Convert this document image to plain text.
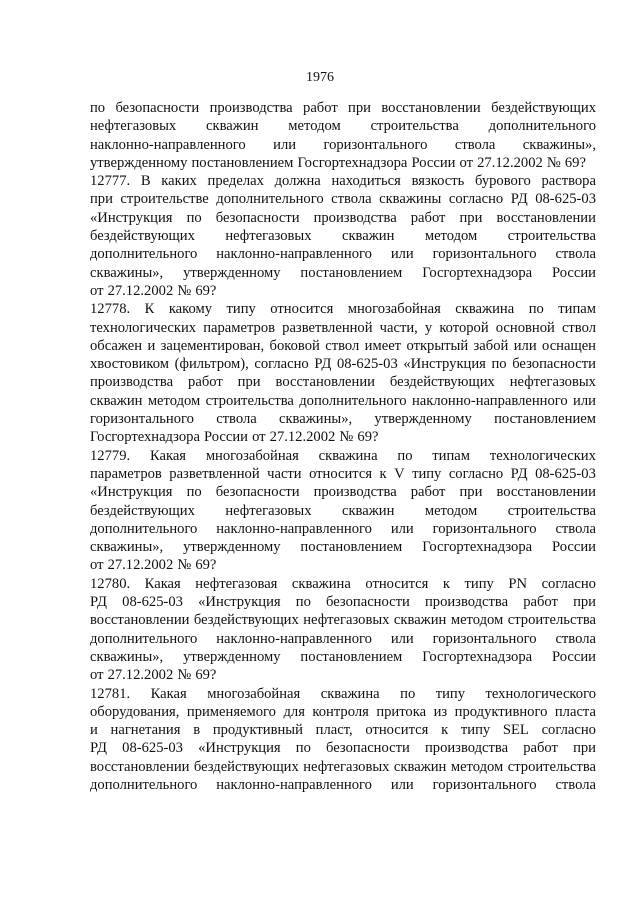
1976
по безопасности производства работ при восстановлении бездействующих
нефтегазовых скважин методом строительства дополнительного
наклонно-направленного или горизонтального ствола скважины»,
утвержденному постановлением Госгортехнадзора России от 27.12.2002 № 69?
12777. В каких пределах должна находиться вязкость бурового раствора
при строительстве дополнительного ствола скважины согласно РД 08-625-03
«Инструкция по безопасности производства работ при восстановлении
бездействующих нефтегазовых скважин методом строительства
дополнительного наклонно-направленного или горизонтального ствола
скважины», утвержденному постановлением Госгортехнадзора России
от 27.12.2002 № 69?
12778. К какому типу относится многозабойная скважина по типам
технологических параметров разветвленной части, у которой основной ствол
обсажен и зацементирован, боковой ствол имеет открытый забой или оснащен
хвостовиком (фильтром), согласно РД 08-625-03 «Инструкция по безопасности
производства работ при восстановлении бездействующих нефтегазовых
скважин методом строительства дополнительного наклонно-направленного или
горизонтального ствола скважины», утвержденному постановлением
Госгортехнадзора России от 27.12.2002 № 69?
12779. Какая многозабойная скважина по типам технологических
параметров разветвленной части относится к V типу согласно РД 08-625-03
«Инструкция по безопасности производства работ при восстановлении
бездействующих нефтегазовых скважин методом строительства
дополнительного наклонно-направленного или горизонтального ствола
скважины», утвержденному постановлением Госгортехнадзора России
от 27.12.2002 № 69?
12780. Какая нефтегазовая скважина относится к типу PN согласно
РД 08-625-03 «Инструкция по безопасности производства работ при
восстановлении бездействующих нефтегазовых скважин методом строительства
дополнительного наклонно-направленного или горизонтального ствола
скважины», утвержденному постановлением Госгортехнадзора России
от 27.12.2002 № 69?
12781. Какая многозабойная скважина по типу технологического
оборудования, применяемого для контроля притока из продуктивного пласта
и нагнетания в продуктивный пласт, относится к типу SEL согласно
РД 08-625-03 «Инструкция по безопасности производства работ при
восстановлении бездействующих нефтегазовых скважин методом строительства
дополнительного наклонно-направленного или горизонтального ствола
